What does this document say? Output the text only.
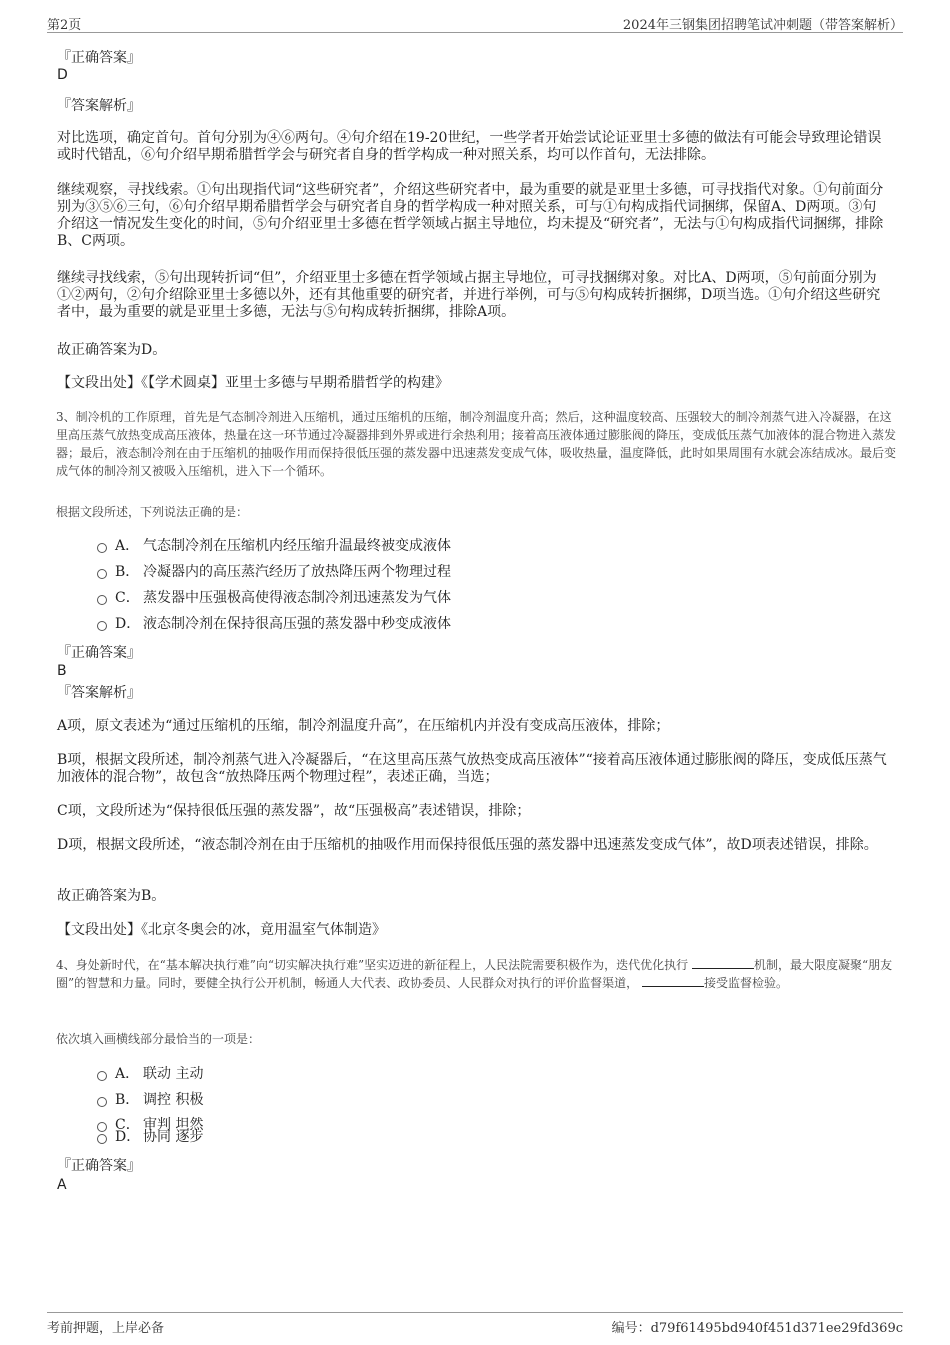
第2页	2024年三钢集团招聘笔试冲刺题（带答案解析）

『正确答案』

D

『答案解析』

对比选项，确定首句。首句分别为④⑥两句。④句介绍在19-20世纪，一些学者开始尝试论证亚里士多德的做法有可能会导致理论错误或时代错乱，⑥句介绍早期希腊哲学会与研究者自身的哲学构成一种对照关系，均可以作首句，无法排除。

继续观察，寻找线索。①句出现指代词“这些研究者”，介绍这些研究者中，最为重要的就是亚里士多德，可寻找指代对象。①句前面分别为③⑤⑥三句，⑥句介绍早期希腊哲学会与研究者自身的哲学构成一种对照关系，可与①句构成指代词捆绑，保留A、D两项。③句介绍这一情况发生变化的时间，⑤句介绍亚里士多德在哲学领域占据主导地位，均未提及“研究者”，无法与①句构成指代词捆绑，排除B、C两项。

继续寻找线索，⑤句出现转折词“但”，介绍亚里士多德在哲学领域占据主导地位，可寻找捆绑对象。对比A、D两项，⑤句前面分别为①②两句，②句介绍除亚里士多德以外，还有其他重要的研究者，并进行举例，可与⑤句构成转折捆绑，D项当选。①句介绍这些研究者中，最为重要的就是亚里士多德，无法与⑤句构成转折捆绑，排除A项。

故正确答案为D。

【文段出处】《【学术圆桌】亚里士多德与早期希腊哲学的构建》

3、制冷机的工作原理，首先是气态制冷剂进入压缩机，通过压缩机的压缩，制冷剂温度升高；然后，这种温度较高、压强较大的制冷剂蒸气进入冷凝器，在这里高压蒸气放热变成高压液体，热量在这一环节通过冷凝器排到外界或进行余热利用；接着高压液体通过膨胀阀的降压，变成低压蒸气加液体的混合物进入蒸发器；最后，液态制冷剂在由于压缩机的抽吸作用而保持很低压强的蒸发器中迅速蒸发变成气体，吸收热量，温度降低，此时如果周围有水就会冻结成冰。最后变成气体的制冷剂又被吸入压缩机，进入下一个循环。

根据文段所述，下列说法正确的是：

A． 气态制冷剂在压缩机内经压缩升温最终被变成液体
B． 冷凝器内的高压蒸汽经历了放热降压两个物理过程
C． 蒸发器中压强极高使得液态制冷剂迅速蒸发为气体
D． 液态制冷剂在保持很高压强的蒸发器中秒变成液体

『正确答案』

B

『答案解析』

A项，原文表述为“通过压缩机的压缩，制冷剂温度升高”，在压缩机内并没有变成高压液体，排除；

B项，根据文段所述，制冷剂蒸气进入冷凝器后，“在这里高压蒸气放热变成高压液体”“接着高压液体通过膨胀阀的降压，变成低压蒸气加液体的混合物”，故包含“放热降压两个物理过程”，表述正确，当选；

C项，文段所述为“保持很低压强的蒸发器”，故“压强极高”表述错误，排除；

D项，根据文段所述，“液态制冷剂在由于压缩机的抽吸作用而保持很低压强的蒸发器中迅速蒸发变成气体”，故D项表述错误，排除。

故正确答案为B。

【文段出处】《北京冬奥会的冰，竟用温室气体制造》

4、身处新时代，在“基本解决执行难”向“切实解决执行难”坚实迈进的新征程上，人民法院需要积极作为，迭代优化执行	机制，最大限度凝聚“朋友圈”的智慧和力量。同时，要健全执行公开机制，畅通人大代表、政协委员、人民群众对执行的评价监督渠道，	接受监督检验。

依次填入画横线部分最恰当的一项是：

A． 联动 主动
B． 调控 积极
C． 审判 坦然
D． 协同 逐步

『正确答案』

A

考前押题，上岸必备	编号：d79f61495bd940f451d371ee29fd369c
